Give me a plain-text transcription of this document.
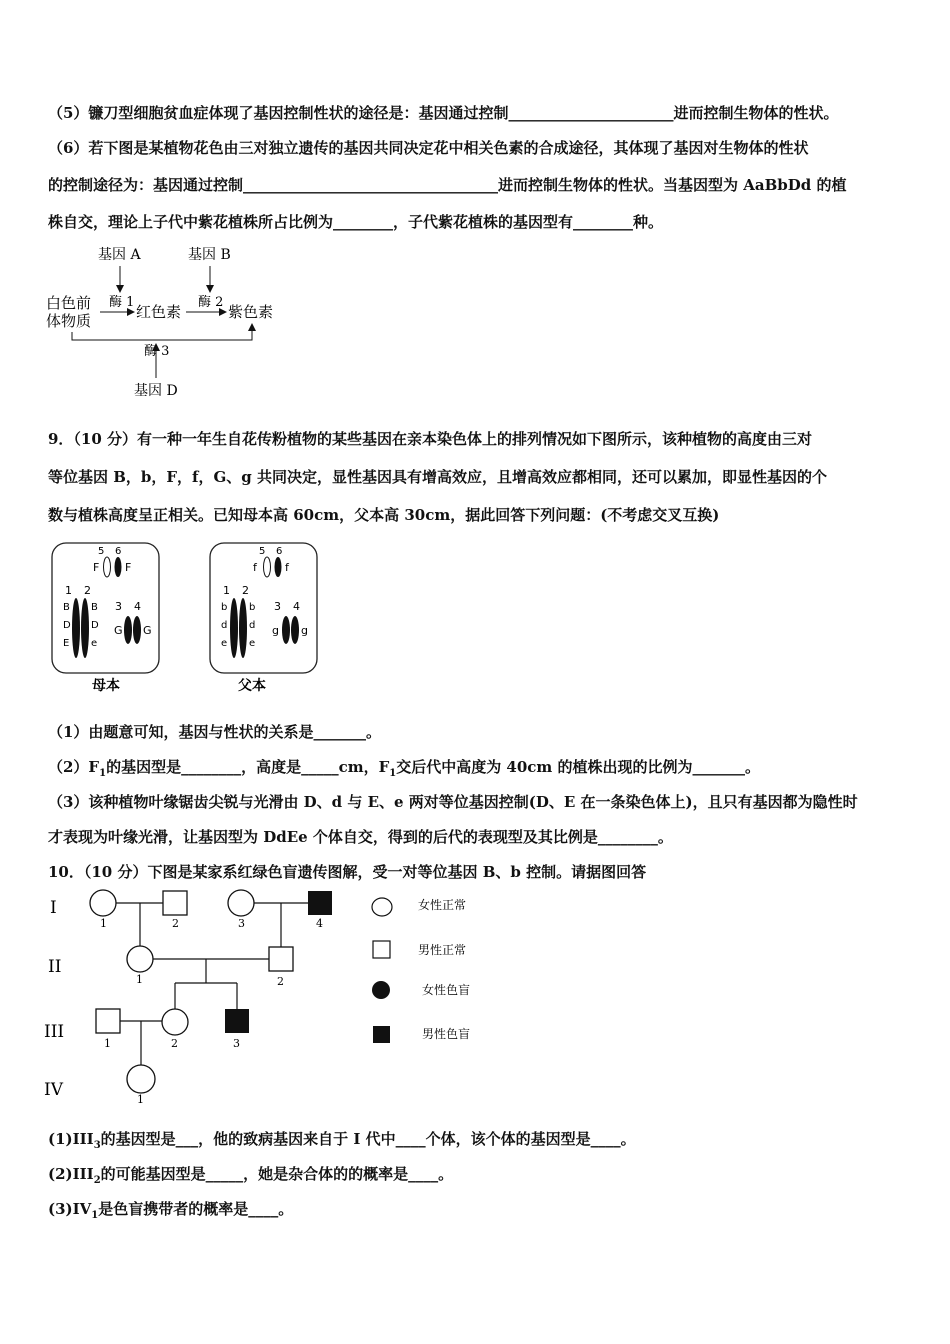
（5）镰刀型细胞贫血症体现了基因控制性状的途径是：基因通过控制______________________进而控制生物体的性状。
（6）若下图是某植物花色由三对独立遗传的基因共同决定花中相关色素的合成途径，其体现了基因对生物体的性状
的控制途径为：基因通过控制__________________________________进而控制生物体的性状。当基因型为 AaBbDd 的植
株自交，理论上子代中紫花植株所占比例为________，子代紫花植株的基因型有________种。
基因 A	基因 B
酶 1	酶 2
白色前
体物质	红色素	紫色素
酶 3
基因 D
9．（10 分）有一种一年生自花传粉植物的某些基因在亲本染色体上的排列情况如下图所示，该种植物的高度由三对
等位基因 B，b，F，f，G、g 共同决定，显性基因具有增高效应，且增高效应都相同，还可以累加，即显性基因的个
数与植株高度呈正相关。已知母本高 60cm，父本高 30cm，据此回答下列问题：(不考虑交叉互换)
5 6
F F
1 2
B
D
E
B
D
e
3 4
G G
母本
5 6
f	f
1 2
b
d
e
b
d
e
3 4
g g
父本
（1）由题意可知，基因与性状的关系是_______。
$(2)F_1$的基因型是________，高度是_____cm，$F_1$交后代中高度为 40cm 的植株出现的比例为_______。
（3）该种植物叶缘锯齿尖锐与光滑由 D、d 与 E、e 两对等位基因控制(D、E 在一条染色体上)，且只有基因都为隐性时
才表现为叶缘光滑，让基因型为 DdEe 个体自交，得到的后代的表现型及其比例是________。
10．（10 分）下图是某家系红绿色盲遗传图解，受一对等位基因 B、b 控制。请据图回答
I
II
III
IV
1	2	3	4
1	2
1	2	3
1
女性正常
男性正常
女性色盲
男性色盲
$(1)III_3$的基因型是___，他的致病基因来自于 I 代中____个体，该个体的基因型是____。
$(2)III_2$的可能基因型是_____，她是杂合体的的概率是____。
$(3)IV_1$是色盲携带者的概率是____。
